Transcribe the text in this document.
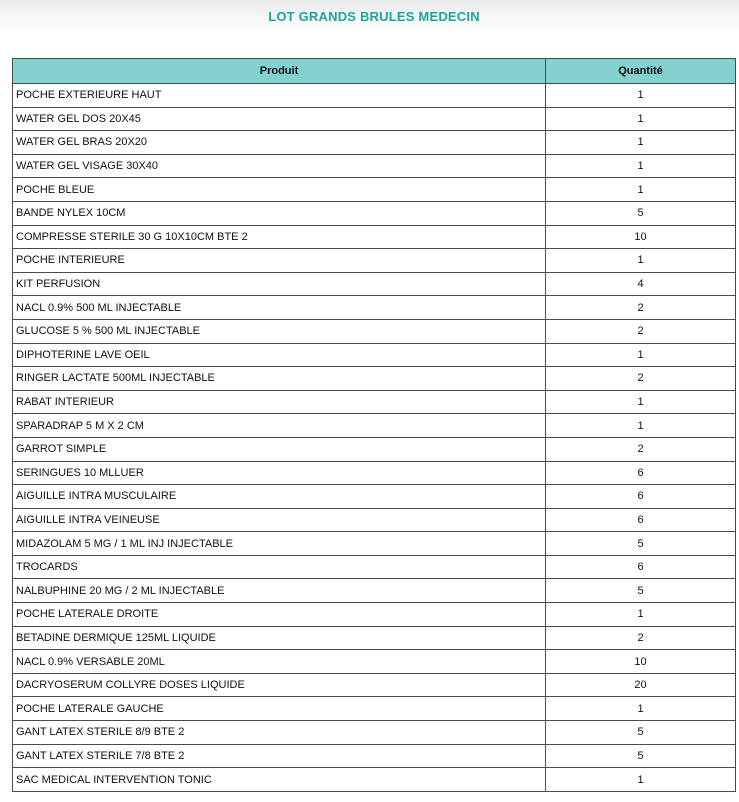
LOT GRANDS BRULES MEDECIN
Produit	Quantité
POCHE EXTERIEURE HAUT	1
WATER GEL DOS 20X45	1
WATER GEL BRAS 20X20	1
WATER GEL VISAGE 30X40	1
POCHE BLEUE	1
BANDE NYLEX 10CM	5
COMPRESSE STERILE 30 G 10X10CM BTE 2	10
POCHE INTERIEURE	1
KIT PERFUSION	4
NACL 0.9% 500 ML INJECTABLE	2
GLUCOSE 5 % 500 ML INJECTABLE	2
DIPHOTERINE LAVE OEIL	1
RINGER LACTATE 500ML INJECTABLE	2
RABAT INTERIEUR	1
SPARADRAP 5 M X 2 CM	1
GARROT SIMPLE	2
SERINGUES 10 MLLUER	6
AIGUILLE INTRA MUSCULAIRE	6
AIGUILLE INTRA VEINEUSE	6
MIDAZOLAM 5 MG / 1 ML INJ INJECTABLE	5
TROCARDS	6
NALBUPHINE 20 MG / 2 ML INJECTABLE	5
POCHE LATERALE DROITE	1
BETADINE DERMIQUE 125ML LIQUIDE	2
NACL 0.9% VERSABLE 20ML	10
DACRYOSERUM COLLYRE DOSES LIQUIDE	20
POCHE LATERALE GAUCHE	1
GANT LATEX STERILE 8/9 BTE 2	5
GANT LATEX STERILE 7/8 BTE 2	5
SAC MEDICAL INTERVENTION TONIC	1
